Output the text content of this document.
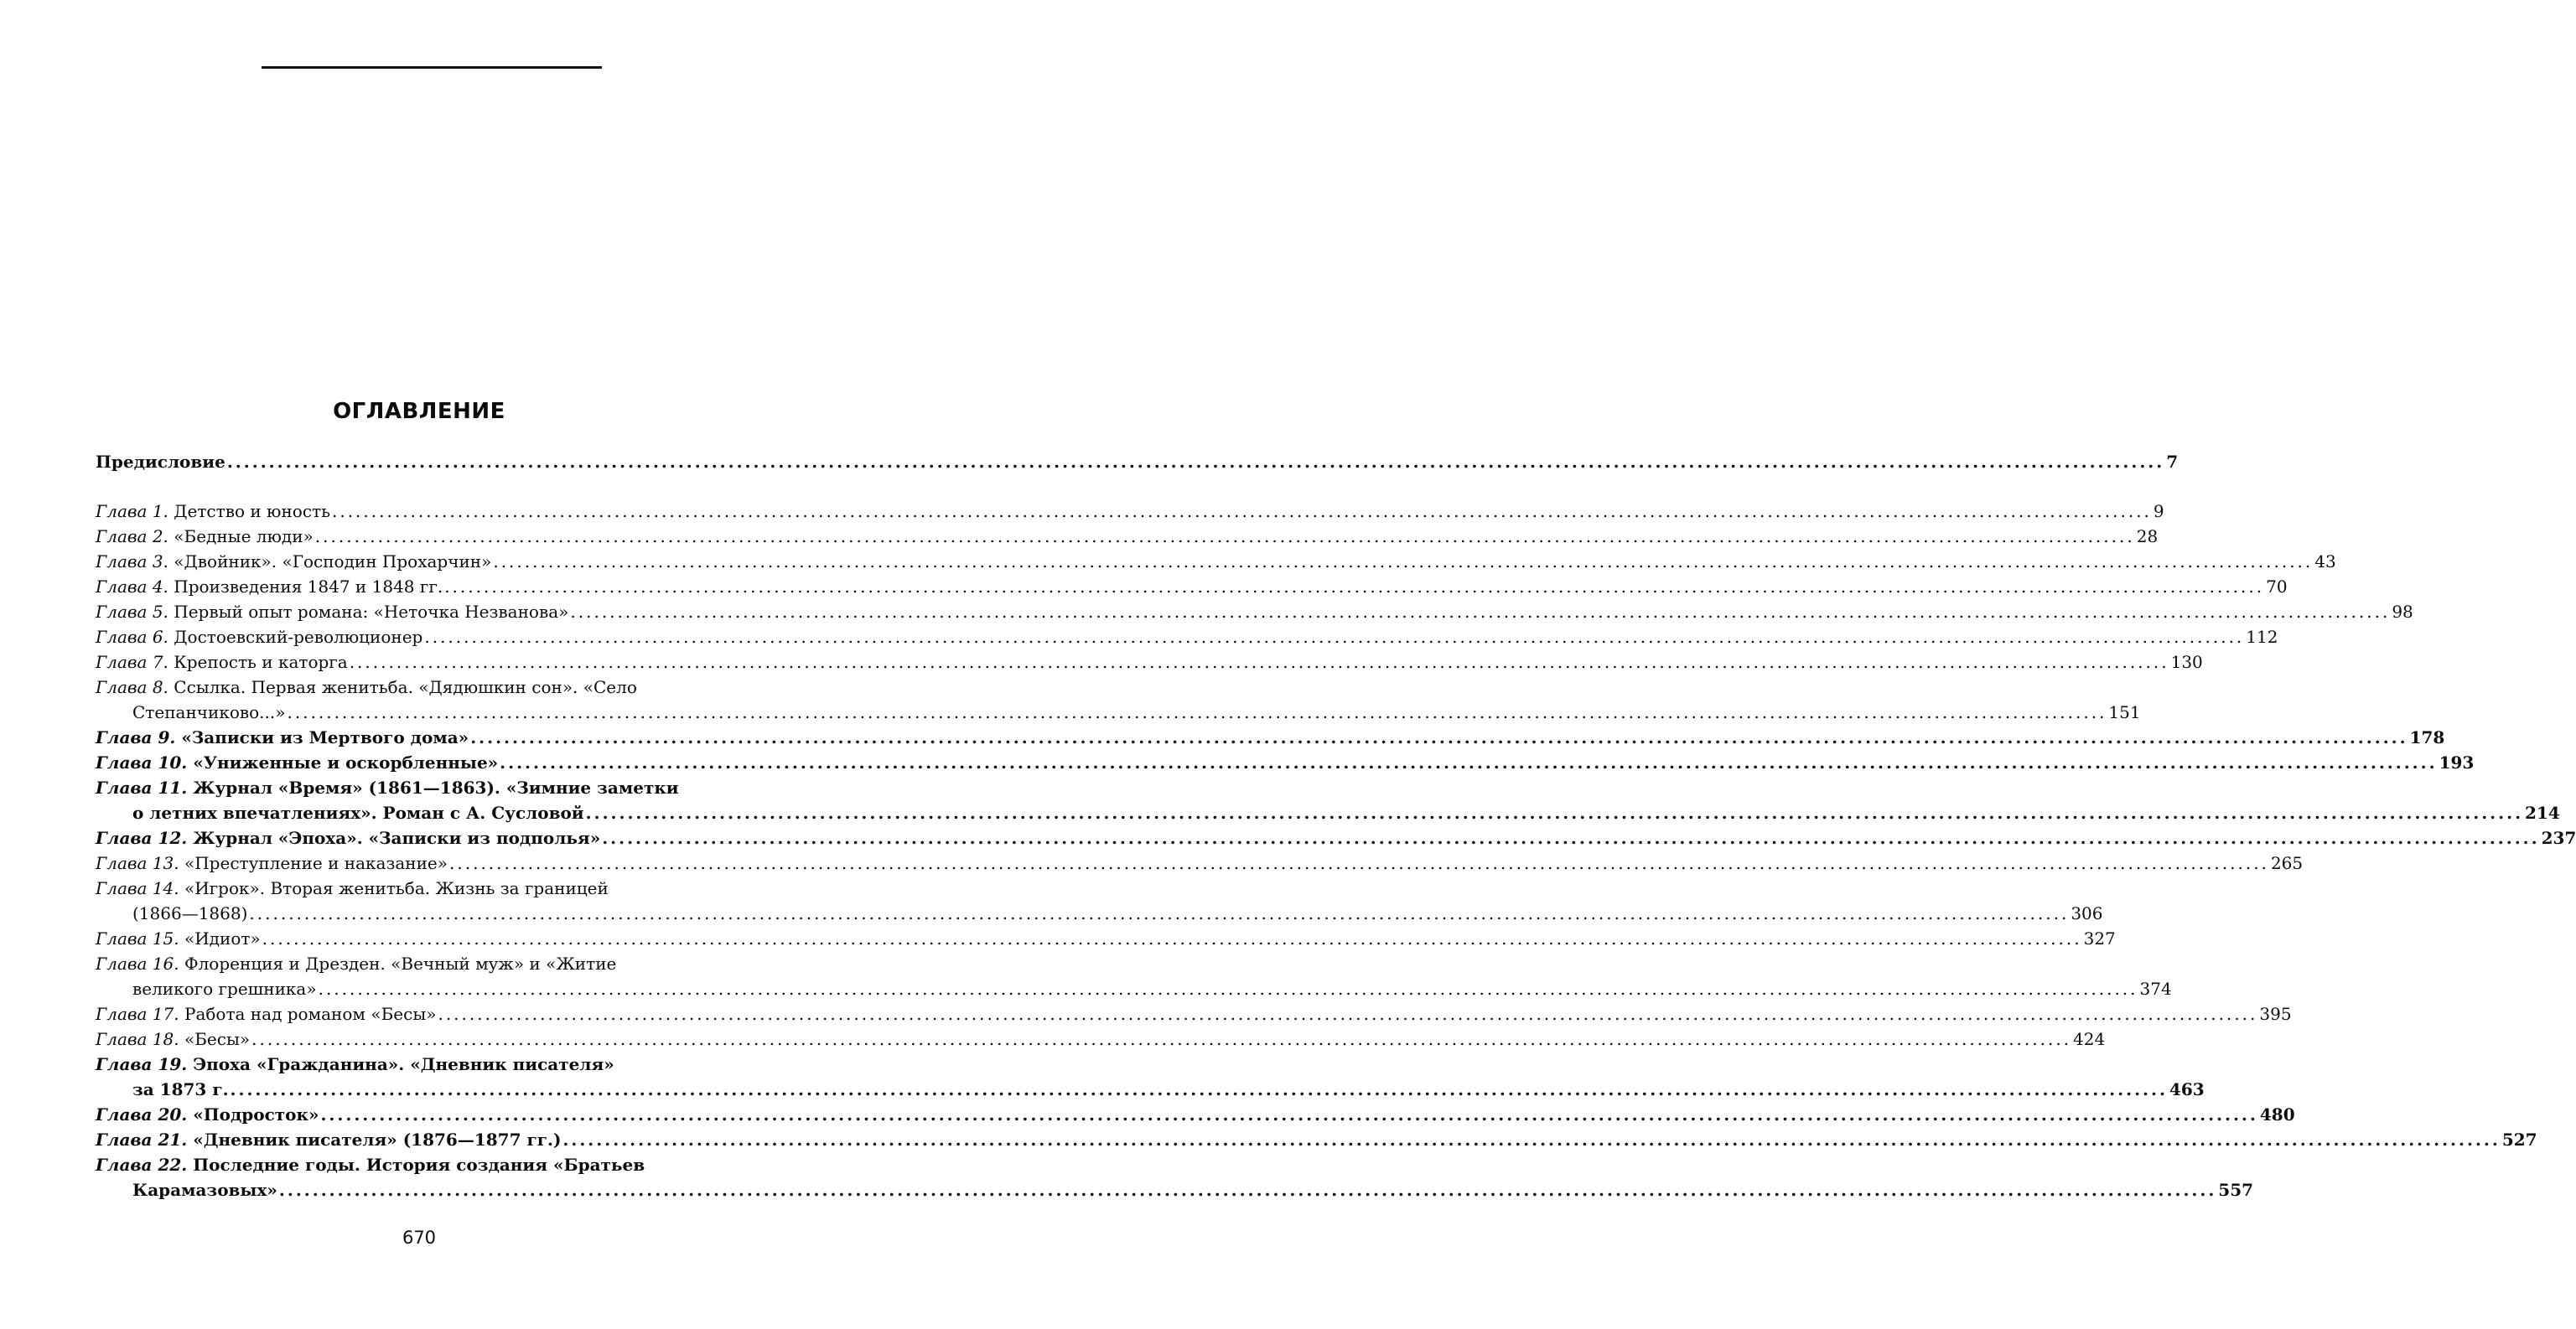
ОГЛАВЛЕНИЕ
Предисловие ........................................................................................................................................................................................................................................ 7
Глава 1.
Детство и юность ........................................................................................................................................................................................................................................ 9
Глава 2.
«Бедные люди» ........................................................................................................................................................................................................................................ 28
Глава 3.
«Двойник». «Господин Прохарчин» ........................................................................................................................................................................................................................................ 43
Глава 4.
Произведения 1847 и 1848 гг. ........................................................................................................................................................................................................................................ 70
Глава 5.
Первый опыт романа: «Неточка Незванова» ........................................................................................................................................................................................................................................ 98
Глава 6.
Достоевский-революционер ........................................................................................................................................................................................................................................ 112
Глава 7.
Крепость и каторга ........................................................................................................................................................................................................................................ 130
Глава 8.
Ссылка. Первая женитьба. «Дядюшкин сон». «Село
Степанчиково...» ........................................................................................................................................................................................................................................ 151
Глава 9.
«Записки из Мертвого дома» ........................................................................................................................................................................................................................................ 178
Глава 10.
«Униженные и оскорбленные» ........................................................................................................................................................................................................................................ 193
Глава 11.
Журнал «Время» (1861—1863). «Зимние заметки
о летних впечатлениях». Роман с А. Сусловой ........................................................................................................................................................................................................................................ 214
Глава 12.
Журнал «Эпоха». «Записки из подполья» ........................................................................................................................................................................................................................................ 237
Глава 13.
«Преступление и наказание» ........................................................................................................................................................................................................................................ 265
Глава 14.
«Игрок». Вторая женитьба. Жизнь за границей
(1866—1868) ........................................................................................................................................................................................................................................ 306
Глава 15.
«Идиот» ........................................................................................................................................................................................................................................ 327
Глава 16.
Флоренция и Дрезден. «Вечный муж» и «Житие
великого грешника» ........................................................................................................................................................................................................................................ 374
Глава 17.
Работа над романом «Бесы» ........................................................................................................................................................................................................................................ 395
Глава 18.
«Бесы» ........................................................................................................................................................................................................................................ 424
Глава 19.
Эпоха «Гражданина». «Дневник писателя»
за 1873 г. ........................................................................................................................................................................................................................................ 463
Глава 20.
«Подросток» ........................................................................................................................................................................................................................................ 480
Глава 21.
«Дневник писателя» (1876—1877 гг.) ........................................................................................................................................................................................................................................ 527
Глава 22.
Последние годы. История создания «Братьев
Карамазовых» ........................................................................................................................................................................................................................................ 557
670
